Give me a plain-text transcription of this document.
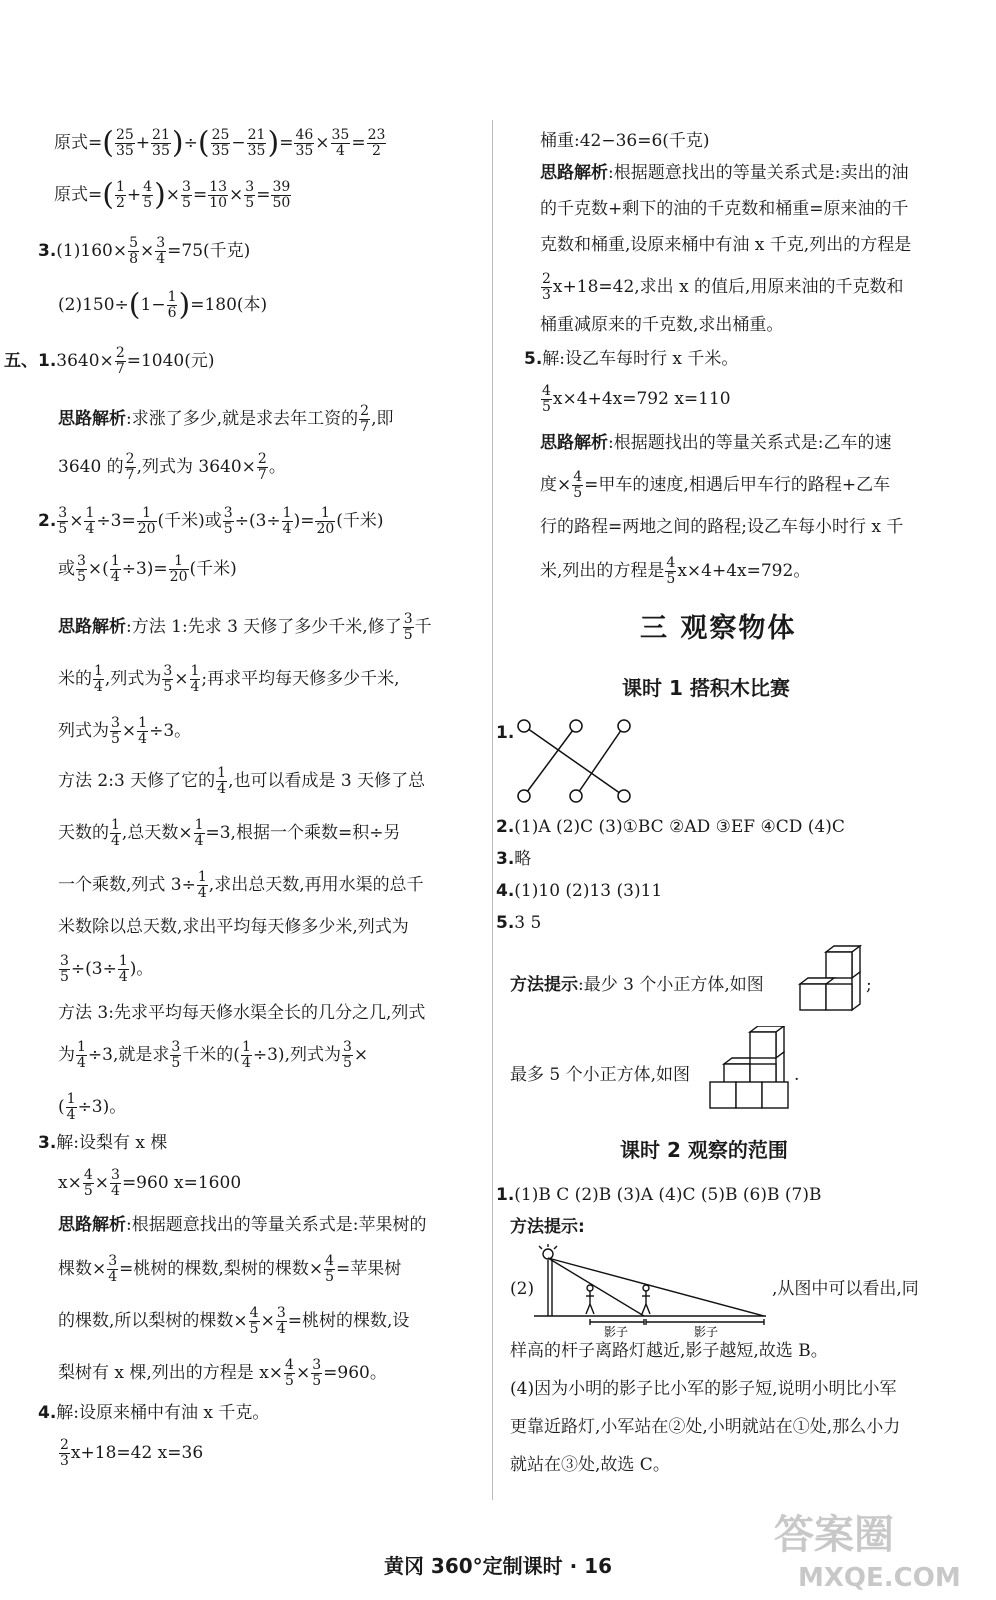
原式=( $\frac{25}{35} + \frac{21}{35}$ )÷( $\frac{25}{35} - \frac{21}{35}$ )= $\frac{46}{35} \times \frac{35}{4} = \frac{23}{2}$
原式=( $\frac{1}{2} + \frac{4}{5}$ )× $\frac{3}{5} = \frac{13}{10} \times \frac{3}{5} = \frac{39}{50}$
$3.(1)160\times \frac{5}{8} \times \frac{3}{4} =75$(千克)
$(2)150\div(1- \frac{1}{6} )=180$(本)
五、$1.3640\times \frac{2}{7} =1040$(元)
思路解析:求涨了多少,就是求去年工资的 $\frac{2}{7}$ ,即
3640 的 $\frac{2}{7}$ ,列式为 $3640\times \frac{2}{7}$ 。
2. $\frac{3}{5} \times \frac{1}{4} \div 3= \frac{1}{20}$ (千米)或 $\frac{3}{5} \div(3\div \frac{1}{4}$ )= $\frac{1}{20}$ (千米)
或 $\frac{3}{5}$ ×( $\frac{1}{4} \div 3)= \frac{1}{20}$ (千米)
思路解析:方法 1:先求 3 天修了多少千米,修了 $\frac{3}{5}$ 千
米的 $\frac{1}{4}$ ,列式为 $\frac{3}{5} \times \frac{1}{4}$ ;再求平均每天修多少千米,
列式为 $\frac{3}{5} \times \frac{1}{4} \div 3$。
方法 2:3 天修了它的 $\frac{1}{4}$ ,也可以看成是 3 天修了总
天数的 $\frac{1}{4}$ ,总天数× $\frac{1}{4} =3$,根据一个乘数=积÷另
一个乘数,列式 $3\div \frac{1}{4}$ ,求出总天数,再用水渠的总千
米数除以总天数,求出平均每天修多少米,列式为
$\frac{3}{5} \div(3\div \frac{1}{4}$ )。
方法 3:先求平均每天修水渠全长的几分之几,列式
为 $\frac{1}{4} \div 3$,就是求 $\frac{3}{5}$ 千米的( $\frac{1}{4} \div 3$),列式为 $\frac{3}{5}$ ×
( $\frac{1}{4} \div 3$)。
3.解:设梨有 x 棵
$x\times \frac{4}{5} \times \frac{3}{4} =960$ x=1600
思路解析:根据题意找出的等量关系式是:苹果树的
棵数× $\frac{3}{4}$ =桃树的棵数,梨树的棵数× $\frac{4}{5}$ =苹果树
的棵数,所以梨树的棵数× $\frac{4}{5} \times \frac{3}{4}$ =桃树的棵数,设
梨树有 x 棵,列出的方程是 $x\times \frac{4}{5} \times \frac{3}{5} =960$。
4.解:设原来桶中有油 x 千克。
$\frac{2}{3} x+18=42$ x=36
桶重:42−36=6(千克)
思路解析:根据题意找出的等量关系式是:卖出的油
的千克数+剩下的油的千克数和桶重=原来油的千
克数和桶重,设原来桶中有油 x 千克,列出的方程是
$\frac{2}{3} x+18=42$,求出 x 的值后,用原来油的千克数和
桶重减原来的千克数,求出桶重。
5.解:设乙车每时行 x 千米。
$\frac{4}{5} x\times 4+4x=792$ x=110
思路解析:根据题找出的等量关系式是:乙车的速
度× $\frac{4}{5}$ =甲车的速度,相遇后甲车行的路程+乙车
行的路程=两地之间的路程;设乙车每小时行 x 千
米,列出的方程是 $\frac{4}{5} x\times 4+4x=792$。
三 观察物体
课时 1 搭积木比赛
1.
2.(1)A (2)C (3)①BC ②AD ③EF ④CD (4)C
3.略
4.(1)10 (2)13 (3)11
5.3 5
方法提示:最少 3 个小正方体,如图	;
最多 5 个小正方体,如图	.
课时 2 观察的范围
1.(1)B C (2)B (3)A (4)C (5)B (6)B (7)B
方法提示:
(2)
影子	影子
,从图中可以看出,同
样高的杆子离路灯越近,影子越短,故选 B。
(4)因为小明的影子比小军的影子短,说明小明比小军
更靠近路灯,小军站在②处,小明就站在①处,那么小力
就站在③处,故选 C。
黄冈 360°定制课时 · 16
答案圈
MXQE.COM
